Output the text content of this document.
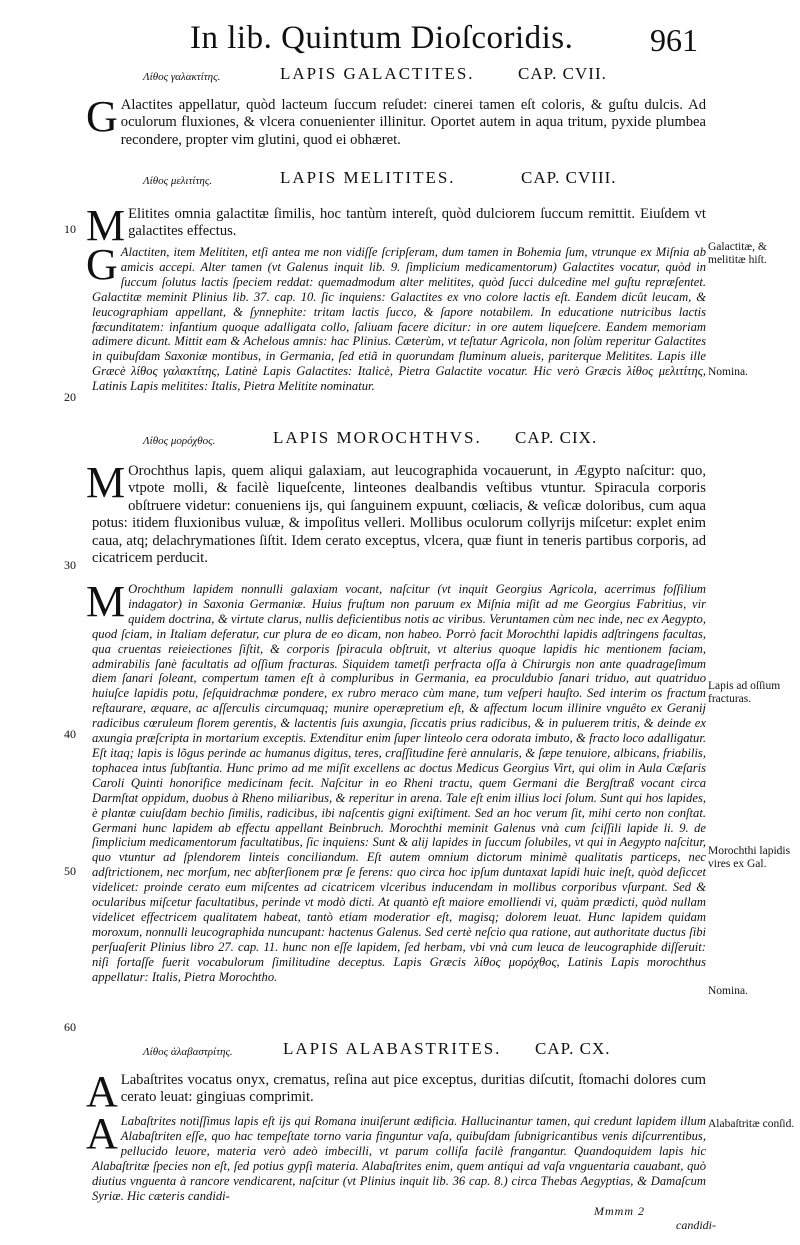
In lib. Quintum Dioſcoridis. 961
Λίθος γαλακτίτης.	LAPIS GALACTITES.	CAP. CVII.
G Alactites appellatur, quòd lacteum ſuccum reſudet: cinerei tamen eſt coloris, & guſtu dulcis. Ad oculorum fluxiones, & vlcera conuenienter illinitur. Oportet autem in aqua tritum, pyxide plumbea recondere, propter vim glutini, quod ei obhæret.
Λίθος μελιτίτης.	LAPIS MELITITES.	CAP. CVIII.
10 M Elitites omnia galactitæ ſimilis, hoc tantùm intereſt, quòd dulciorem ſuccum remittit. Eiuſdem vt galactites effectus.
G Alactiten, item Melititen, etſi antea me non vidiſſe ſcripſeram, dum tamen in Bohemia ſum, vtrunque ex Miſnia ab amicis accepi. Alter tamen (vt Galenus inquit lib. 9. ſimplicium medicamentorum) Galactites vocatur, quòd in ſuccum ſolutus lactis ſpeciem reddat: quemadmodum alter melitites, quòd ſucci dulcedine mel guſtu repræſentet. Galactitæ meminit Plinius lib. 37. cap. 10. ſic inquiens: Galactites ex vno colore lactis eſt. Eandem dicût leucam, & leucographiam appellant, & ſynnephite: tritam lactis ſucco, & ſapore notabilem. In educatione nutricibus lactis fœcunditatem: infantium quoque adalligata collo, ſaliuam facere dicitur: in ore autem liqueſcere. Eandem memoriam adimere dicunt. Mittit eam & Achelous amnis: hac Plinius. Cæterùm, vt teſtatur Agricola, non ſolùm reperitur Galactites in quibuſdam Saxoniæ montibus, in Germania, ſed etiã in quorundam fluminum alueis, pariterque Melitites. Lapis ille Græcè λίθος γαλακτίτης, Latinè Lapis Galactites: Italicè, Pietra Galactite vocatur. Hic verò Græcis λίθος μελιτίτης, Latinis Lapis melitites: Italis, Pietra Melitite nominatur.
Galactitæ, & melititæ hiſt.
Nomina.
20
Λίθος μορόχθος.	LAPIS MOROCHTHVS. CAP. CIX.
M Orochthus lapis, quem aliqui galaxiam, aut leucographida vocauerunt, in Ægypto naſcitur: quo, vtpote molli, & facilè liqueſcente, linteones dealbandis veſtibus vtuntur. Spiracula corporis obſtruere videtur: conueniens ijs, qui ſanguinem expuunt, cœliacis, & veſicæ doloribus, cum aqua potus: itidem fluxionibus vuluæ, & impoſitus velleri. Mollibus oculorum collyrijs miſcetur: explet enim caua, atq; delachrymationes ſiſtit. Idem cerato exceptus, vlcera, quæ fiunt in teneris partibus corporis, ad cicatricem perducit.
30
M Orochthum lapidem nonnulli galaxiam vocant, naſcitur (vt inquit Georgius Agricola, acerrimus foſſilium indagator) in Saxonia Germaniæ. Huius fruſtum non paruum ex Miſnia miſit ad me Georgius Fabritius, vir quidem doctrina, & virtute clarus, nullis deficientibus notis ac viribus. Veruntamen cùm nec inde, nec ex Aegypto, quod ſciam, in Italiam deferatur, cur plura de eo dicam, non habeo. Porrò facit Morochthi lapidis adſtringens facultas, qua cruentas reieiectiones ſiſtit, & corporis ſpiracula obſtruit, vt alterius quoque lapidis hic mentionem faciam, admirabilis ſanè facultatis ad oſſium fracturas. Siquidem tametſi perfracta oſſa à Chirurgis non ante quadrageſimum diem ſanari ſoleant, compertum tamen eſt à compluribus in Germania, ea proculdubio ſanari triduo, aut quatriduo huiuſce lapidis potu, ſeſquidrachmæ pondere, ex rubro meraco cùm mane, tum veſperi hauſto. Sed interim os fractum reſtaurare, æquare, ac aſſerculis circumquaq; munire operæpretium eſt, & affectum locum illinire vnguêto ex Geranij radicibus cœruleum florem gerentis, & lactentis ſuis axungia, ſiccatis prius radicibus, & in puluerem tritis, & deinde ex axungia præſcripta in mortarium exceptis. Extenditur enim ſuper linteolo cera odorata imbuto, & fracto loco adalligatur. Eſt itaq; lapis is lõgus perinde ac humanus digitus, teres, craſſitudine ferè annularis, & ſæpe tenuiore, albicans, friabilis, tophacea intus ſubſtantia. Hunc primo ad me miſit excellens ac doctus Medicus Georgius Virt, qui olim in Aula Cæſaris Caroli Quinti honorifice medicinam fecit. Naſcitur in eo Rheni tractu, quem Germani die Bergſtraß vocant circa Darmſtat oppidum, duobus à Rheno miliaribus, & reperitur in arena. Tale eſt enim illius loci ſolum. Sunt qui hos lapides, è plantæ cuiuſdam bechio ſimilis, radicibus, ibi naſcentis gigni exiſtiment. Sed an hoc verum ſit, mihi certo non conſtat. Germani hunc lapidem ab effectu appellant Beinbruch. Morochthi meminit Galenus vnà cum ſciſſili lapide li. 9. de ſimplicium medicamentorum facultatibus, ſic inquiens: Sunt & alij lapides in ſuccum ſolubiles, vt qui in Aegypto naſcitur, quo vtuntur ad ſplendorem linteis conciliandum. Eſt autem omnium dictorum minimè qualitatis particeps, nec adſtrictionem, nec morſum, nec abſterſionem præ ſe ferens: quo circa hoc ipſum duntaxat lapidi huic ineſt, quòd deſiccet videlicet: proinde cerato eum miſcentes ad cicatricem vlceribus inducendam in mollibus corporibus vſurpant. Sed & ocularibus miſcetur facultatibus, perinde vt modò dicti. At quantò eſt maiore emolliendi vi, quàm prædicti, quòd nullam videlicet effectricem qualitatem habeat, tantò etiam moderatior eſt, magisq; dolorem leuat. Hunc lapidem quidam moroxum, nonnulli leucographida nuncupant: hactenus Galenus. Sed certè neſcio qua ratione, aut authoritate ductus ſibi perſuaſerit Plinius libro 27. cap. 11. hunc non eſſe lapidem, ſed herbam, vbi vnà cum leuca de leucographide diſſeruit: niſi fortaſſe fuerit vocabulorum ſimilitudine deceptus. Lapis Græcis λίθος μορόχθος, Latinis Lapis morochthus appellatur: Italis, Pietra Morochtho.
Lapis ad oſſium fracturas.
40
Morochthi lapidis vires ex Gal.
50
Nomina.
60
Λίθος ἀλαβαστρίτης.	LAPIS ALABASTRITES. CAP. CX.
A Labaſtrites vocatus onyx, crematus, reſina aut pice exceptus, duritias diſcutit, ſtomachi dolores cum cerato leuat: gingiuas comprimit.
A Labaſtrites notiſſimus lapis eſt ijs qui Romana inuiſerunt ædificia. Hallucinantur tamen, qui credunt lapidem illum Alabaſtriten eſſe, quo hac tempeſtate torno varia finguntur vaſa, quibuſdam ſubnigricantibus venis diſcurrentibus, pellucido leuore, materia verò adeò imbecilli, vt parum colliſa facilè frangantur. Quandoquidem lapis hic Alabaſtritæ ſpecies non eſt, ſed potius gypſi materia. Alabaſtrites enim, quem antiqui ad vaſa vnguentaria cauabant, quò diutius vnguenta à rancore vendicarent, naſcitur (vt Plinius inquit lib. 36 cap. 8.) circa Thebas Aegyptias, & Damaſcum Syriæ. Hic cæteris candidi-
Alabaſtritæ conſid.
Mmmm 2
candidi-
